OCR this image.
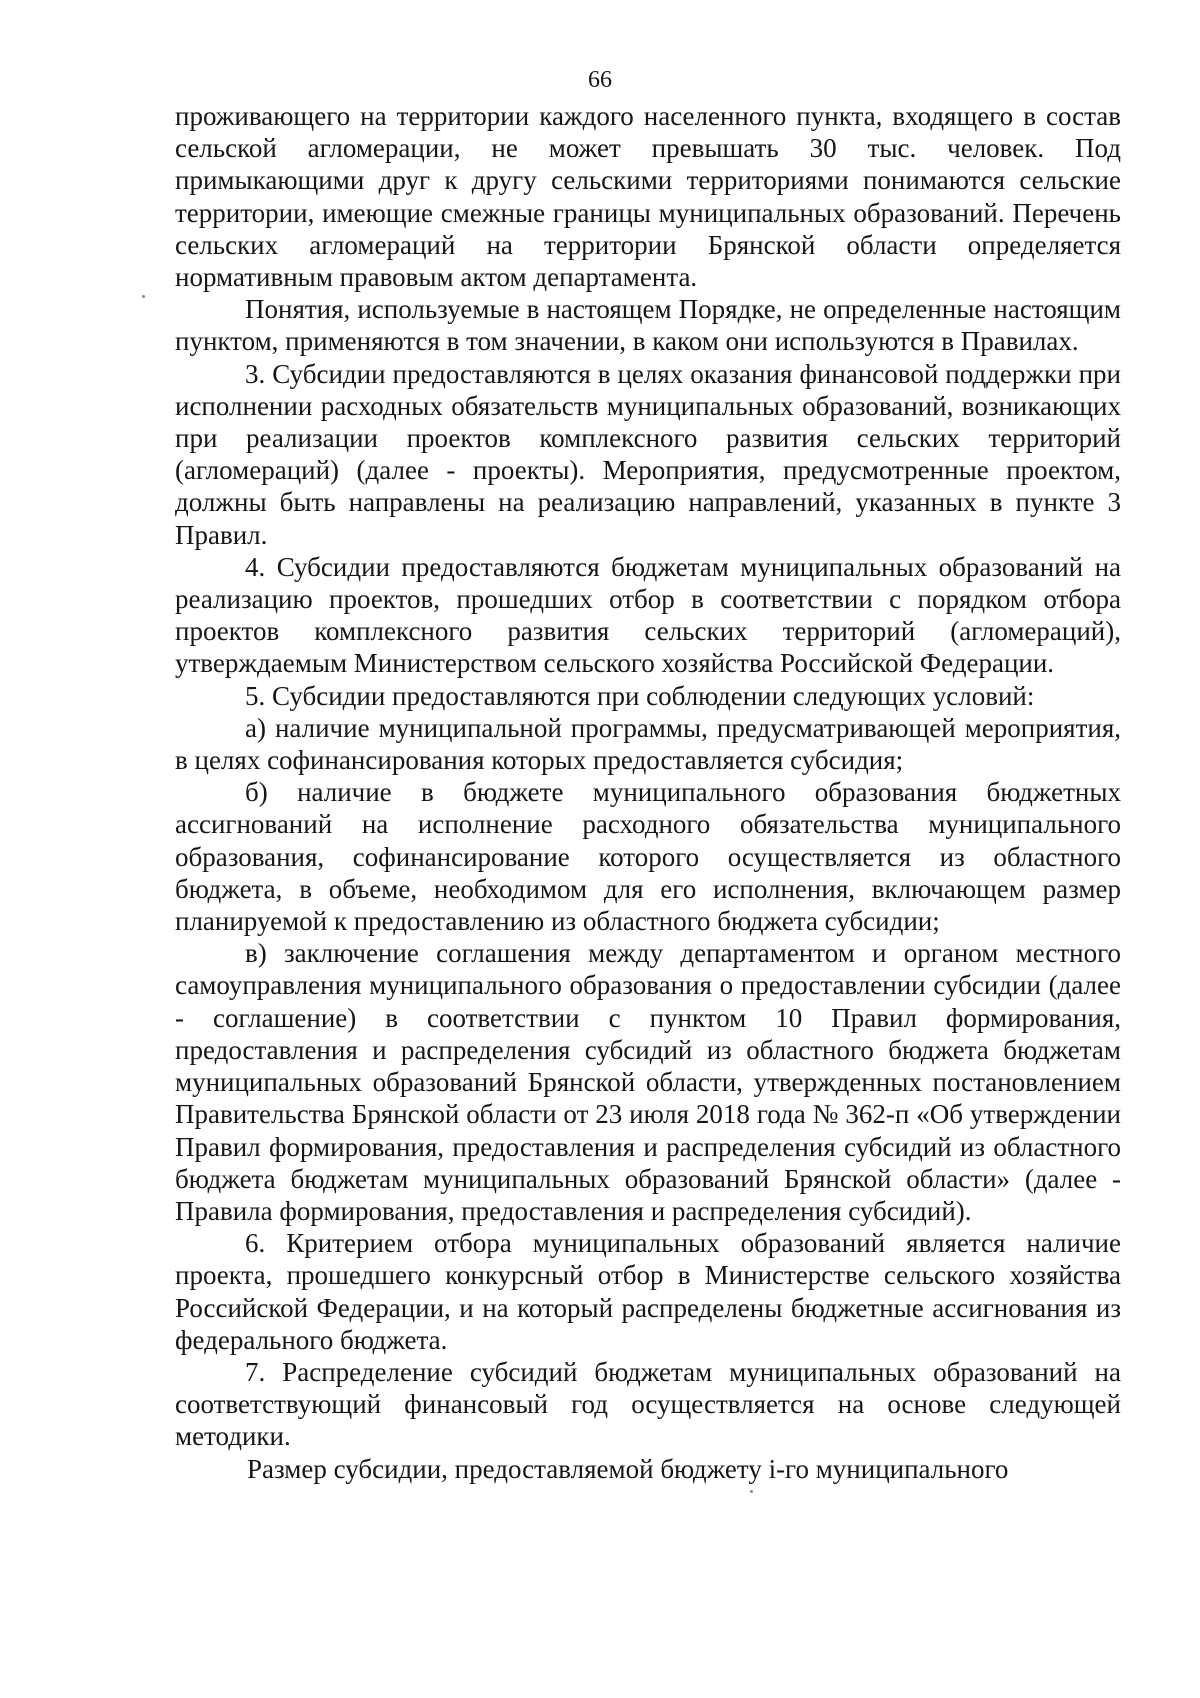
66

проживающего на территории каждого населенного пункта, входящего в состав сельской агломерации, не может превышать 30 тыс. человек. Под примыкающими друг к другу сельскими территориями понимаются сельские территории, имеющие смежные границы муниципальных образований. Перечень сельских агломераций на территории Брянской области определяется нормативным правовым актом департамента.

Понятия, используемые в настоящем Порядке, не определенные настоящим пунктом, применяются в том значении, в каком они используются в Правилах.

3. Субсидии предоставляются в целях оказания финансовой поддержки при исполнении расходных обязательств муниципальных образований, возникающих при реализации проектов комплексного развития сельских территорий (агломераций) (далее - проекты). Мероприятия, предусмотренные проектом, должны быть направлены на реализацию направлений, указанных в пункте 3 Правил.

4. Субсидии предоставляются бюджетам муниципальных образований на реализацию проектов, прошедших отбор в соответствии с порядком отбора проектов комплексного развития сельских территорий (агломераций), утверждаемым Министерством сельского хозяйства Российской Федерации.

5. Субсидии предоставляются при соблюдении следующих условий:

а) наличие муниципальной программы, предусматривающей мероприятия, в целях софинансирования которых предоставляется субсидия;

б) наличие в бюджете муниципального образования бюджетных ассигнований на исполнение расходного обязательства муниципального образования, софинансирование которого осуществляется из областного бюджета, в объеме, необходимом для его исполнения, включающем размер планируемой к предоставлению из областного бюджета субсидии;

в) заключение соглашения между департаментом и органом местного самоуправления муниципального образования о предоставлении субсидии (далее - соглашение) в соответствии с пунктом 10 Правил формирования, предоставления и распределения субсидий из областного бюджета бюджетам муниципальных образований Брянской области, утвержденных постановлением Правительства Брянской области от 23 июля 2018 года № 362-п «Об утверждении Правил формирования, предоставления и распределения субсидий из областного бюджета бюджетам муниципальных образований Брянской области» (далее - Правила формирования, предоставления и распределения субсидий).

6. Критерием отбора муниципальных образований является наличие проекта, прошедшего конкурсный отбор в Министерстве сельского хозяйства Российской Федерации, и на который распределены бюджетные ассигнования из федерального бюджета.

7. Распределение субсидий бюджетам муниципальных образований на соответствующий финансовый год осуществляется на основе следующей методики.

Размер субсидии, предоставляемой бюджету i-го муниципального
